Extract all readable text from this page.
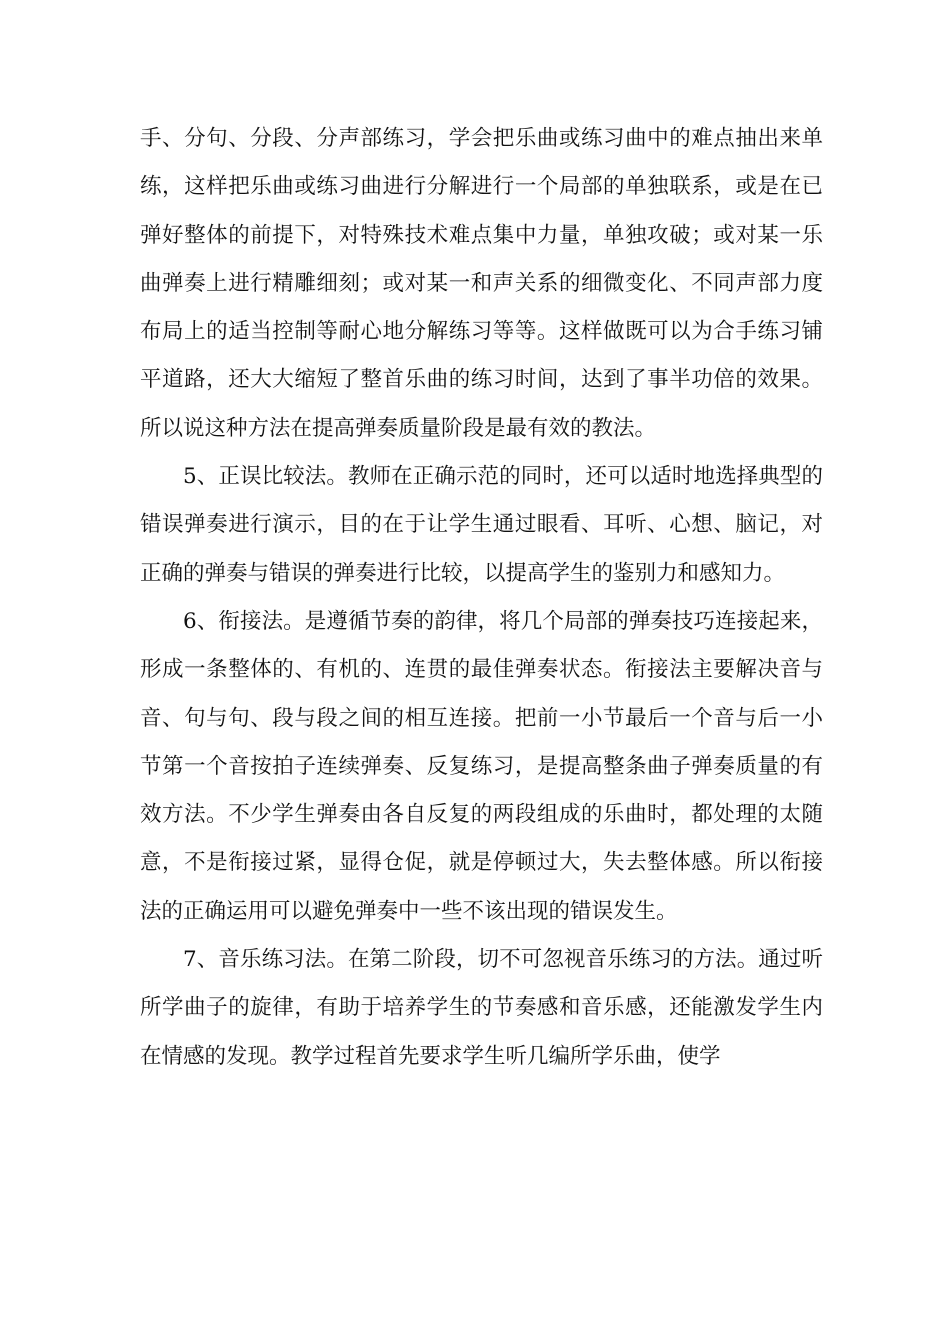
手、分句、分段、分声部练习，学会把乐曲或练习曲中的难点抽出来单练，这样把乐曲或练习曲进行分解进行一个局部的单独联系，或是在已弹好整体的前提下，对特殊技术难点集中力量，单独攻破；或对某一乐曲弹奏上进行精雕细刻；或对某一和声关系的细微变化、不同声部力度布局上的适当控制等耐心地分解练习等等。这样做既可以为合手练习铺平道路，还大大缩短了整首乐曲的练习时间，达到了事半功倍的效果。所以说这种方法在提高弹奏质量阶段是最有效的教法。

5、正误比较法。教师在正确示范的同时，还可以适时地选择典型的错误弹奏进行演示，目的在于让学生通过眼看、耳听、心想、脑记，对正确的弹奏与错误的弹奏进行比较，以提高学生的鉴别力和感知力。

6、衔接法。是遵循节奏的韵律，将几个局部的弹奏技巧连接起来，形成一条整体的、有机的、连贯的最佳弹奏状态。衔接法主要解决音与音、句与句、段与段之间的相互连接。把前一小节最后一个音与后一小节第一个音按拍子连续弹奏、反复练习，是提高整条曲子弹奏质量的有效方法。不少学生弹奏由各自反复的两段组成的乐曲时，都处理的太随意，不是衔接过紧，显得仓促，就是停顿过大，失去整体感。所以衔接法的正确运用可以避免弹奏中一些不该出现的错误发生。

7、音乐练习法。在第二阶段，切不可忽视音乐练习的方法。通过听所学曲子的旋律，有助于培养学生的节奏感和音乐感，还能激发学生内在情感的发现。教学过程首先要求学生听几编所学乐曲，使学
